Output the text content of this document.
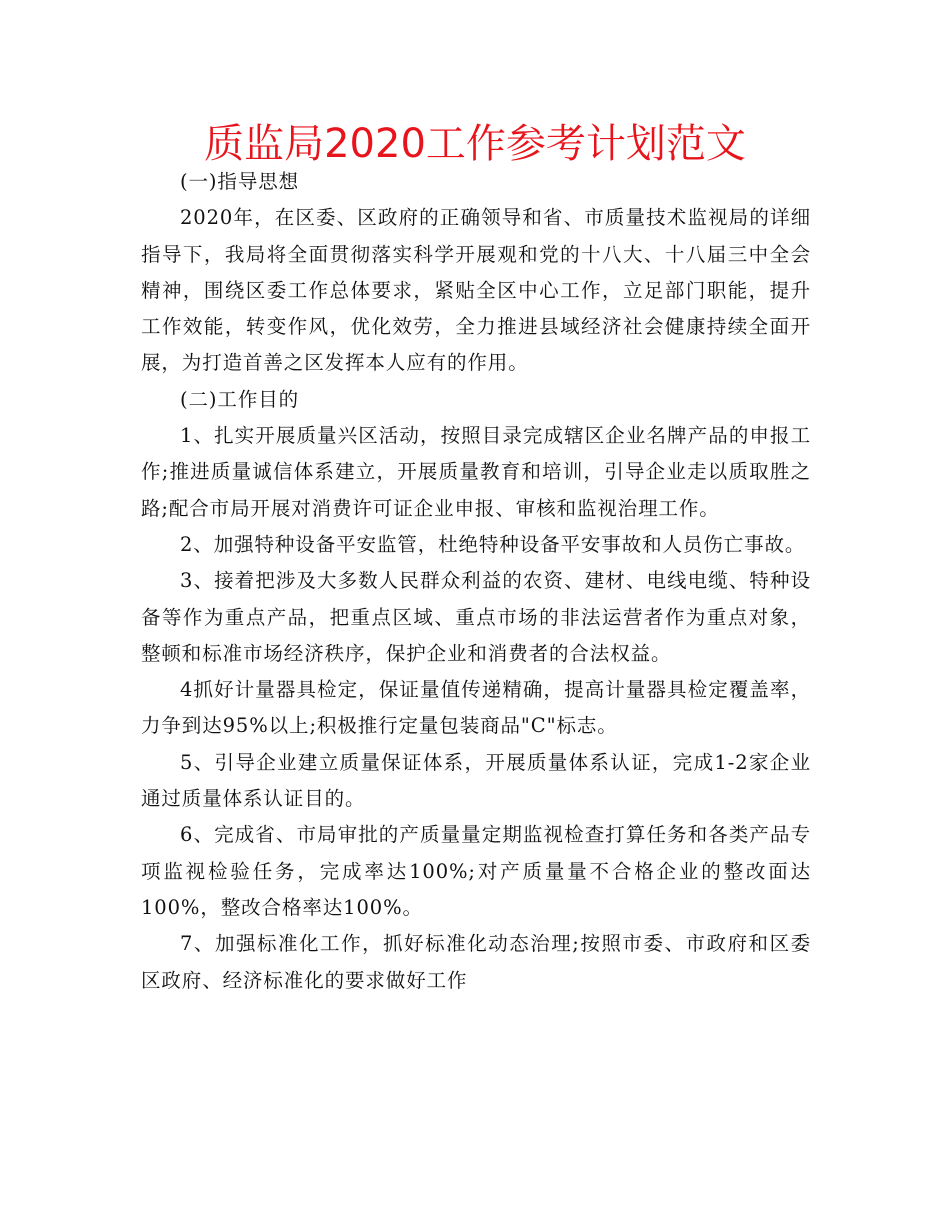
质监局2020工作参考计划范文

(一)指导思想

2020年，在区委、区政府的正确领导和省、市质量技术监视局的详细指导下，我局将全面贯彻落实科学开展观和党的十八大、十八届三中全会精神，围绕区委工作总体要求，紧贴全区中心工作，立足部门职能，提升工作效能，转变作风，优化效劳，全力推进县域经济社会健康持续全面开展，为打造首善之区发挥本人应有的作用。

(二)工作目的

1、扎实开展质量兴区活动，按照目录完成辖区企业名牌产品的申报工作;推进质量诚信体系建立，开展质量教育和培训，引导企业走以质取胜之路;配合市局开展对消费许可证企业申报、审核和监视治理工作。

2、加强特种设备平安监管，杜绝特种设备平安事故和人员伤亡事故。

3、接着把涉及大多数人民群众利益的农资、建材、电线电缆、特种设备等作为重点产品，把重点区域、重点市场的非法运营者作为重点对象，整顿和标准市场经济秩序，保护企业和消费者的合法权益。

4抓好计量器具检定，保证量值传递精确，提高计量器具检定覆盖率，力争到达95%以上;积极推行定量包装商品"C"标志。

5、引导企业建立质量保证体系，开展质量体系认证，完成1-2家企业通过质量体系认证目的。

6、完成省、市局审批的产质量量定期监视检查打算任务和各类产品专项监视检验任务，完成率达100%;对产质量量不合格企业的整改面达100%，整改合格率达100%。

7、加强标准化工作，抓好标准化动态治理;按照市委、市政府和区委区政府、经济标准化的要求做好工作
